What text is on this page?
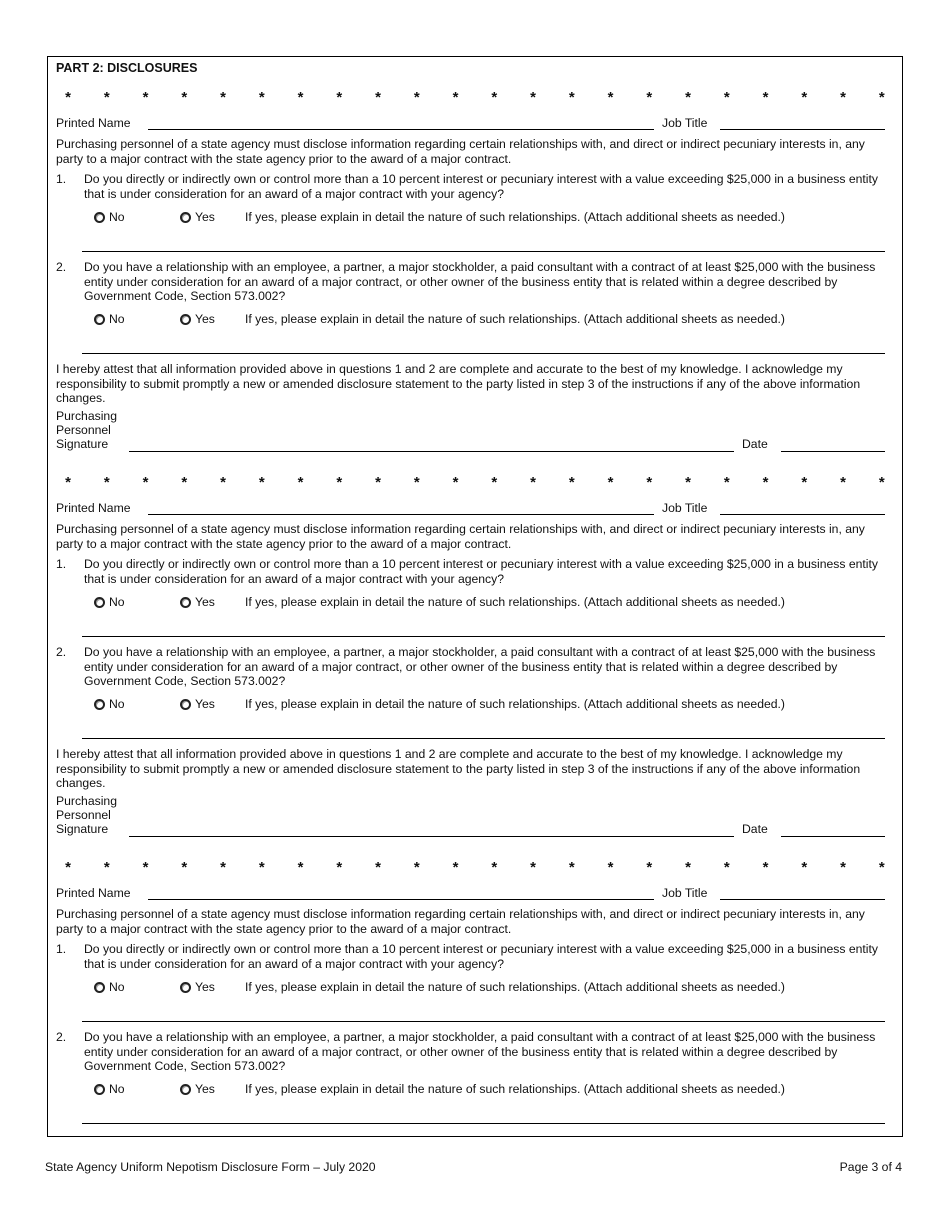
PART 2: DISCLOSURES
*	*	*	*	*	*	*	*	*	*	*	*	*	*	*	*	*	*	*	*	*	*
Printed Name	Job Title
Purchasing personnel of a state agency must disclose information regarding certain relationships with, and direct or indirect pecuniary interests in, any party to a major contract with the state agency prior to the award of a major contract.
1. Do you directly or indirectly own or control more than a 10 percent interest or pecuniary interest with a value exceeding $25,000 in a business entity that is under consideration for an award of a major contract with your agency?
No	Yes If yes, please explain in detail the nature of such relationships. (Attach additional sheets as needed.)
2. Do you have a relationship with an employee, a partner, a major stockholder, a paid consultant with a contract of at least $25,000 with the business entity under consideration for an award of a major contract, or other owner of the business entity that is related within a degree described by Government Code, Section 573.002?
No	Yes If yes, please explain in detail the nature of such relationships. (Attach additional sheets as needed.)
I hereby attest that all information provided above in questions 1 and 2 are complete and accurate to the best of my knowledge. I acknowledge my responsibility to submit promptly a new or amended disclosure statement to the party listed in step 3 of the instructions if any of the above information changes.
Purchasing
Personnel
Signature	Date
*	*	*	*	*	*	*	*	*	*	*	*	*	*	*	*	*	*	*	*	*	*
Printed Name	Job Title
Purchasing personnel of a state agency must disclose information regarding certain relationships with, and direct or indirect pecuniary interests in, any party to a major contract with the state agency prior to the award of a major contract.
1. Do you directly or indirectly own or control more than a 10 percent interest or pecuniary interest with a value exceeding $25,000 in a business entity that is under consideration for an award of a major contract with your agency?
No	Yes If yes, please explain in detail the nature of such relationships. (Attach additional sheets as needed.)
2. Do you have a relationship with an employee, a partner, a major stockholder, a paid consultant with a contract of at least $25,000 with the business entity under consideration for an award of a major contract, or other owner of the business entity that is related within a degree described by Government Code, Section 573.002?
No	Yes If yes, please explain in detail the nature of such relationships. (Attach additional sheets as needed.)
I hereby attest that all information provided above in questions 1 and 2 are complete and accurate to the best of my knowledge. I acknowledge my responsibility to submit promptly a new or amended disclosure statement to the party listed in step 3 of the instructions if any of the above information changes.
Purchasing
Personnel
Signature	Date
*	*	*	*	*	*	*	*	*	*	*	*	*	*	*	*	*	*	*	*	*	*
Printed Name	Job Title
Purchasing personnel of a state agency must disclose information regarding certain relationships with, and direct or indirect pecuniary interests in, any party to a major contract with the state agency prior to the award of a major contract.
1. Do you directly or indirectly own or control more than a 10 percent interest or pecuniary interest with a value exceeding $25,000 in a business entity that is under consideration for an award of a major contract with your agency?
No	Yes If yes, please explain in detail the nature of such relationships. (Attach additional sheets as needed.)
2. Do you have a relationship with an employee, a partner, a major stockholder, a paid consultant with a contract of at least $25,000 with the business entity under consideration for an award of a major contract, or other owner of the business entity that is related within a degree described by Government Code, Section 573.002?
No	Yes If yes, please explain in detail the nature of such relationships. (Attach additional sheets as needed.)
State Agency Uniform Nepotism Disclosure Form – July 2020	Page 3 of 4
